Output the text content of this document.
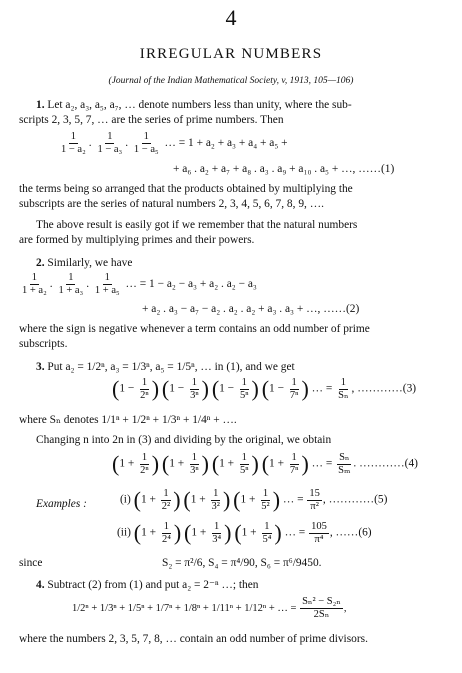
4
IRREGULAR NUMBERS
(Journal of the Indian Mathematical Society, v, 1913, 105—106)
1. Let a₂, a₃, a₅, a₇, … denote numbers less than unity, where the sub-
scripts 2, 3, 5, 7, … are the series of prime numbers. Then
$\frac{1}{\text{1 − a₂}}$ . $\frac{1}{\text{1 − a₃}}$ . $\frac{1}{\text{1 − a₅}}$ … = 1 + a₂ + a₃ + a₄ + a₅ +
+ a₆ . a₂ + a₇ + a₈ . a₃ . a₉ + a₁₀ . a₅ + …, ……(1)
the terms being so arranged that the products obtained by multiplying the
subscripts are the series of natural numbers 2, 3, 4, 5, 6, 7, 8, 9, ….
The above result is easily got if we remember that the natural numbers
are formed by multiplying primes and their powers.
2. Similarly, we have
$\frac{1}{\text{1 + a₂}}$ . $\frac{1}{\text{1 + a₃}}$ . $\frac{1}{\text{1 + a₅}}$ … = 1 − a₂ − a₃ + a₂ . a₂ − a₃
+ a₂ . a₃ − a₇ − a₂ . a₂ . a₂ + a₃ . a₃ + …, ……(2)
where the sign is negative whenever a term contains an odd number of prime
subscripts.
3. Put a₂ = 1/2ⁿ, a₃ = 1/3ⁿ, a₅ = 1/5ⁿ, … in (1), and we get
($1 - \frac{1}{\text{2ⁿ}}$ ) ($1 - \frac{1}{\text{3ⁿ}}$ ) ($1 - \frac{1}{\text{5ⁿ}}$ ) ($1 - \frac{1}{\text{7ⁿ}}$ ) … = $\frac{1}{\text{Sₙ}}$ , …………(3)
where Sₙ denotes 1/1ⁿ + 1/2ⁿ + 1/3ⁿ + 1/4ⁿ + ….
Changing n into 2n in (3) and dividing by the original, we obtain
($1 + \frac{1}{\text{2ⁿ}}$ ) ($1 + \frac{1}{\text{3ⁿ}}$ ) ($1 + \frac{1}{\text{5ⁿ}}$ ) ($1 + \frac{1}{\text{7ⁿ}}$ ) … = $\frac{\text{Sₙ}}{\text{Sₘ}}$ . …………(4)
Examples :	(i) ($1 + \frac{1}{\text{2²}}$ ) ($1 + \frac{1}{\text{3²}}$ ) ($1 + \frac{1}{\text{5²}}$ ) … = $\frac{15}{\text{π²}}$ , …………(5)
(ii) ($1 + \frac{1}{\text{2⁴}}$ ) ($1 + \frac{1}{\text{3⁴}}$ ) ($1 + \frac{1}{\text{5⁴}}$ ) … = $\frac{105}{\text{π⁴}}$ , ……(6)
since	S₂ = π²/6, S₄ = π⁴/90, S₆ = π⁶/9450.
4. Subtract (2) from (1) and put a₂ = 2⁻ⁿ …; then
1/2ⁿ + 1/3ⁿ + 1/5ⁿ + 1/7ⁿ + 1/8ⁿ + 1/11ⁿ + 1/12ⁿ + … = $\frac{\text{Sₙ² − S₂ₙ}}{\text{2Sₙ}}$ ,
where the numbers 2, 3, 5, 7, 8, … contain an odd number of prime divisors.
